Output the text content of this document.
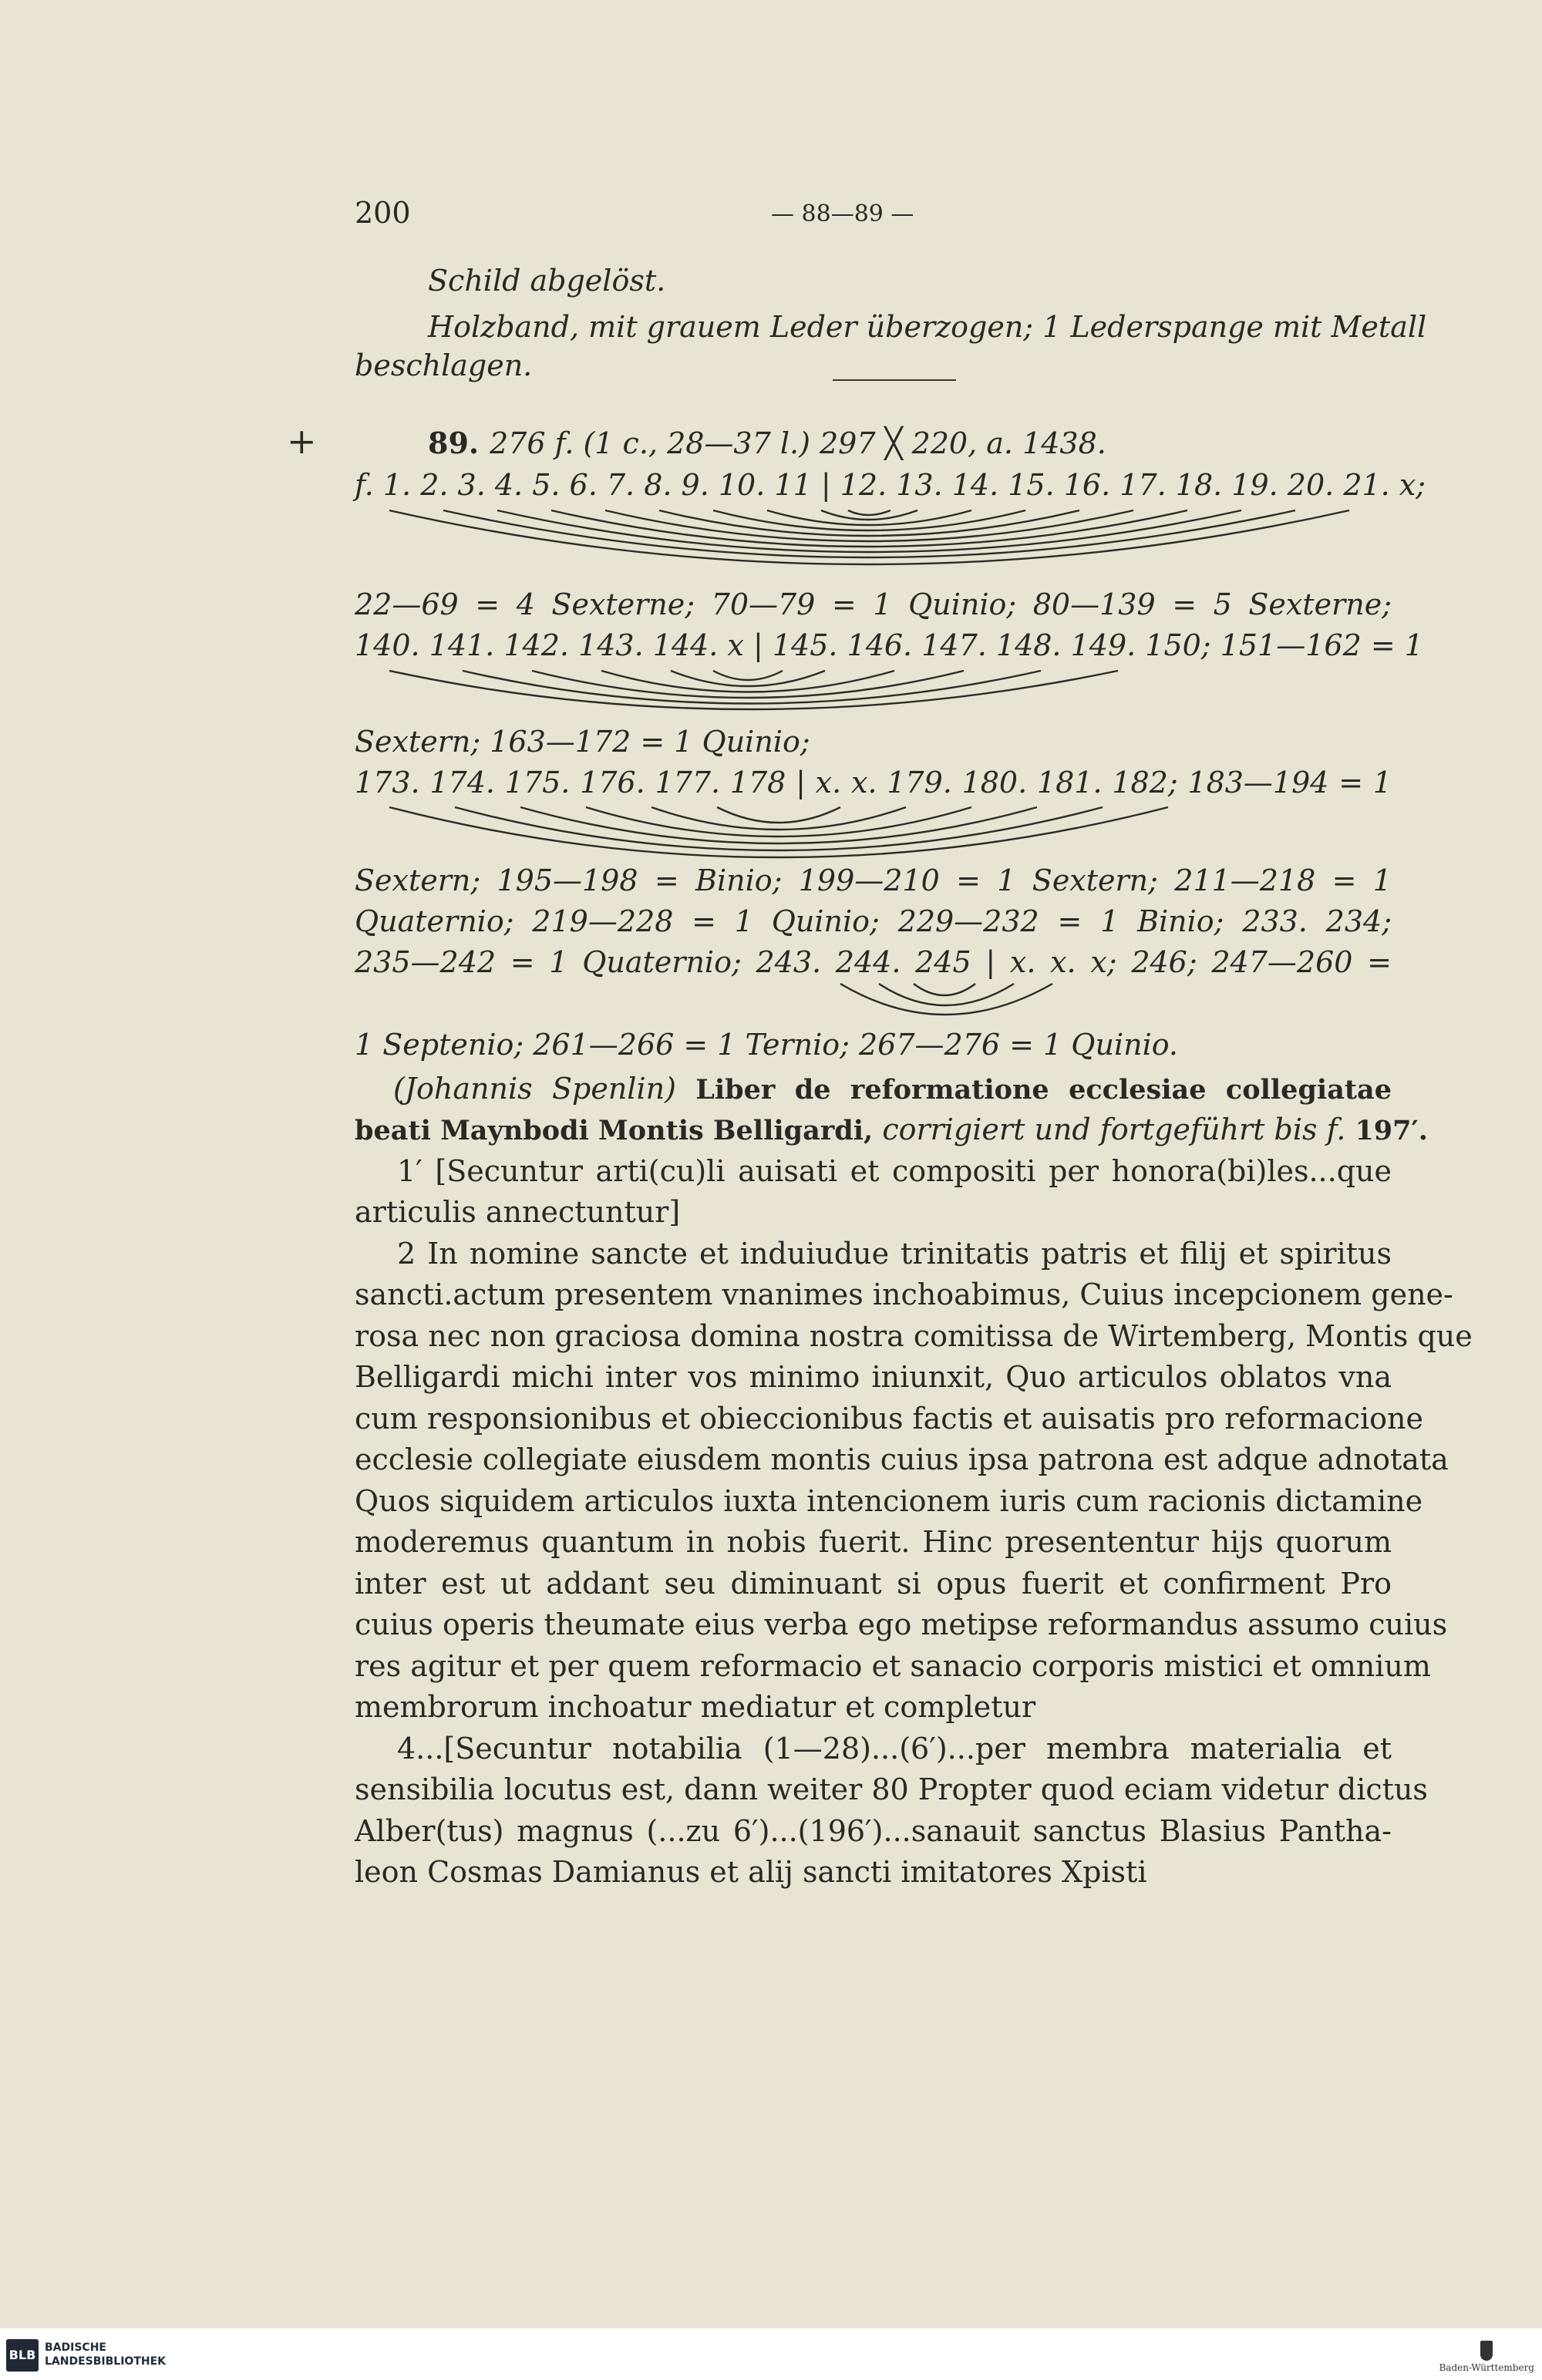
200	— 88—89 —
Schild abgelöst.
Holzband, mit grauem Leder überzogen; 1 Lederspange mit Metall
beschlagen.
+	89. 276 f. (1 c., 28—37 l.) 297 ╳ 220, a. 1438.
f. 1. 2. 3. 4. 5. 6. 7. 8. 9. 10. 11 | 12. 13. 14. 15. 16. 17. 18. 19. 20. 21. x;
22—69 = 4 Sexterne; 70—79 = 1 Quinio; 80—139 = 5 Sexterne;
140. 141. 142. 143. 144. x | 145. 146. 147. 148. 149. 150; 151—162 = 1
Sextern; 163—172 = 1 Quinio;
173. 174. 175. 176. 177. 178 | x. x. 179. 180. 181. 182; 183—194 = 1
Sextern; 195—198 = Binio; 199—210 = 1 Sextern; 211—218 = 1
Quaternio; 219—228 = 1 Quinio; 229—232 = 1 Binio; 233. 234;
235—242 = 1 Quaternio; 243. 244. 245 | x. x. x; 246; 247—260 =
1 Septenio; 261—266 = 1 Ternio; 267—276 = 1 Quinio.
(Johannis Spenlin) Liber de reformatione ecclesiae collegiatae
beati Maynbodi Montis Belligardi, corrigiert und fortgeführt bis f. 197′.
1′ [Secuntur arti(cu)li auisati et compositi per honora(bi)les...que
articulis annectuntur]
2 In nomine sancte et induiudue trinitatis patris et filij et spiritus
sancti.actum presentem vnanimes inchoabimus, Cuius incepcionem gene-
rosa nec non graciosa domina nostra comitissa de Wirtemberg, Montis que
Belligardi michi inter vos minimo iniunxit, Quo articulos oblatos vna
cum responsionibus et obieccionibus factis et auisatis pro reformacione
ecclesie collegiate eiusdem montis cuius ipsa patrona est adque adnotata
Quos siquidem articulos iuxta intencionem iuris cum racionis dictamine
moderemus quantum in nobis fuerit. Hinc presententur hijs quorum
inter est ut addant seu diminuant si opus fuerit et confirment Pro
cuius operis theumate eius verba ego metipse reformandus assumo cuius
res agitur et per quem reformacio et sanacio corporis mistici et omnium
membrorum inchoatur mediatur et completur
4...[Secuntur notabilia (1—28)...(6′)...per membra materialia et
sensibilia locutus est, dann weiter 80 Propter quod eciam videtur dictus
Alber(tus) magnus (...zu 6′)...(196′)...sanauit sanctus Blasius Pantha-
leon Cosmas Damianus et alij sancti imitatores Xpisti
BLB BADISCHE
LANDESBIBLIOTHEK	Baden-Württemberg
